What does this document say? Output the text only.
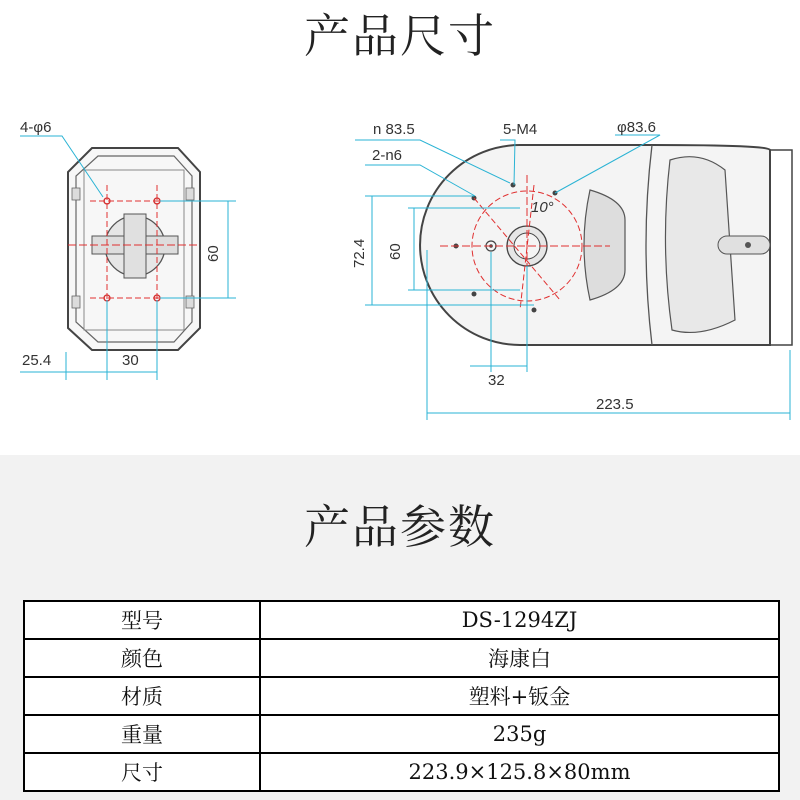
产品尺寸
4-φ6
60
25.4	30
n 83.5	5-M4	φ83.6
2-n6
10°
72.4 60
32
223.5
产品参数
型号	DS-1294ZJ
颜色	海康白
材质	塑料+钣金
重量	235g
尺寸	223.9×125.8×80mm
